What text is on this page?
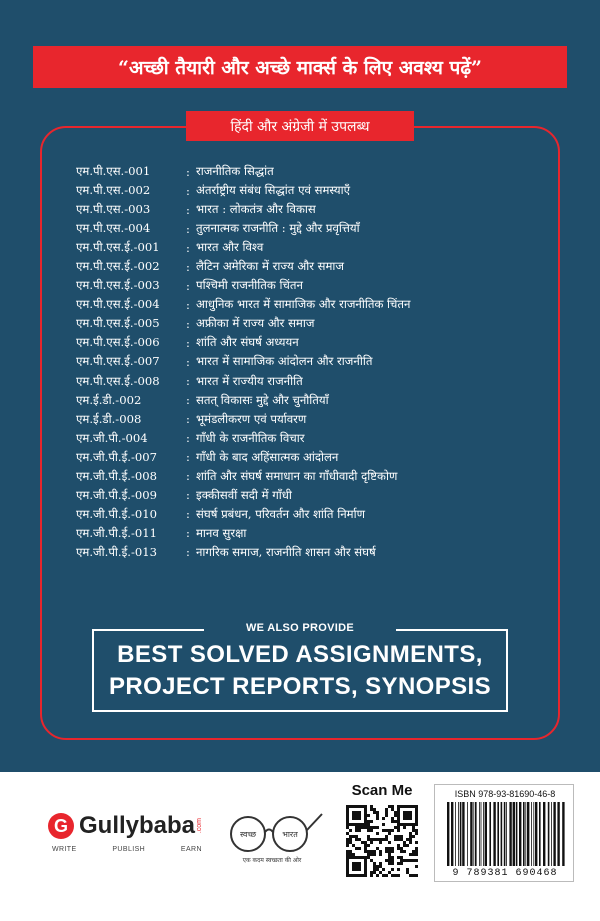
“अच्छी तैयारी और अच्छे मार्क्स के लिए अवश्य पढ़ें”
हिंदी और अंग्रेजी में उपलब्ध
एम.पी.एस.-001	: राजनीतिक सिद्धांत
एम.पी.एस.-002	: अंतर्राष्ट्रीय संबंध सिद्धांत एवं समस्याएँ
एम.पी.एस.-003	: भारत : लोकतंत्र और विकास
एम.पी.एस.-004	: तुलनात्मक राजनीति : मुद्दे और प्रवृत्तियाँ
एम.पी.एस.ई.-001	: भारत और विश्व
एम.पी.एस.ई.-002	: लैटिन अमेरिका में राज्य और समाज
एम.पी.एस.ई.-003	: पश्चिमी राजनीतिक चिंतन
एम.पी.एस.ई.-004	: आधुनिक भारत में सामाजिक और राजनीतिक चिंतन
एम.पी.एस.ई.-005	: अफ्रीका में राज्य और समाज
एम.पी.एस.ई.-006	: शांति और संघर्ष अध्ययन
एम.पी.एस.ई.-007	: भारत में सामाजिक आंदोलन और राजनीति
एम.पी.एस.ई.-008	: भारत में राज्यीय राजनीति
एम.ई.डी.-002	: सतत् विकासः मुद्दे और चुनौतियाँ
एम.ई.डी.-008	: भूमंडलीकरण एवं पर्यावरण
एम.जी.पी.-004	: गाँधी के राजनीतिक विचार
एम.जी.पी.ई.-007	: गाँधी के बाद अहिंसात्मक आंदोलन
एम.जी.पी.ई.-008	: शांति और संघर्ष समाधान का गाँधीवादी दृष्टिकोण
एम.जी.पी.ई.-009	: इक्कीसवीं सदी में गाँधी
एम.जी.पी.ई.-010	: संघर्ष प्रबंधन, परिवर्तन और शांति निर्माण
एम.जी.पी.ई.-011	: मानव सुरक्षा
एम.जी.पी.ई.-013	: नागरिक समाज, राजनीति शासन और संघर्ष
WE ALSO PROVIDE
BEST SOLVED ASSIGNMENTS,
PROJECT REPORTS, SYNOPSIS
G Gullybaba .com
WRITE	PUBLISH	EARN
स्वच्छ	भारत
एक कदम स्वच्छता की ओर
Scan Me	ISBN 978-93-81690-46-8
9 789381 690468
